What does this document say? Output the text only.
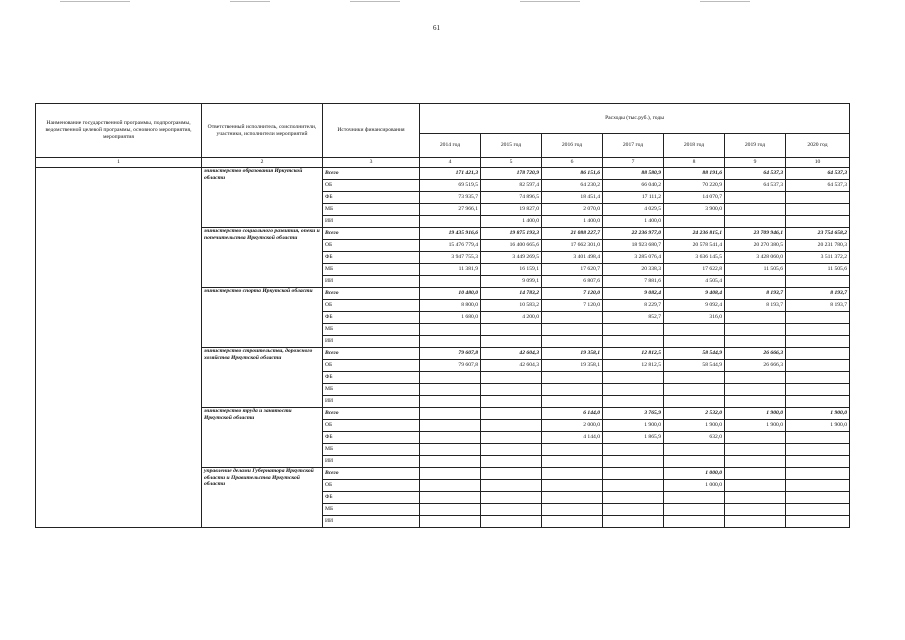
61
Наименование государственной программы, подпрограммы, ведомственной целевой программы, основного мероприятия, мероприятия	Ответственный исполнитель, соисполнители, участники, исполнители мероприятий	Источники финансирования	Расходы (тыс.руб.), годы						
			2014 год	2015 год	2016 год	2017 год	2018 год	2019 год	2020 год
1	2	3	4	5	6	7	8	9	10
	министерство образования Иркутской области	Всего	171 421,3	178 720,9	86 151,6	88 580,9	88 191,6	64 537,3	64 537,3
		ОБ	69 519,5	82 597,4	64 230,2	66 040,2	70 220,9	64 537,3	64 537,3
		ФБ	73 935,7	74 896,5	18 451,4	17 111,2	14 070,7		
		МБ	27 966,1	19 827,0	2 070,0	4 029,5	3 900,0		
		ИИ		1 400,0	1 400,0	1 400,0			
	министерство социального развития, опеки и попечительства Иркутской области	Всего	19 435 916,6	19 875 193,3	21 088 227,7	22 236 977,0	24 236 815,1	23 709 946,1	23 754 658,2
		ОБ	15 476 779,4	16 400 665,6	17 662 301,0	18 923 680,7	20 578 541,4	20 270 380,5	20 231 780,3
		ФБ	3 947 755,3	3 449 269,5	3 401 498,4	3 285 076,4	3 636 145,5	3 428 060,0	3 511 372,2
		МБ	11 381,9	16 159,1	17 620,7	20 338,3	17 622,8	11 505,6	11 505,6
		ИИ		9 099,1	6 807,6	7 881,6	4 505,4		
	министерство спорта Иркутской области	Всего	10 480,0	14 783,2	7 120,0	9 082,4	9 408,4	8 193,7	8 193,7
		ОБ	8 800,0	10 583,2	7 120,0	8 229,7	9 092,4	8 193,7	8 193,7
		ФБ	1 680,0	4 200,0		852,7	316,0		
		МБ							
		ИИ							
	министерство строительства, дорожного хозяйства Иркутской области	Всего	79 607,8	42 604,3	19 358,1	12 812,5	58 544,9	26 666,3	
		ОБ	79 607,8	42 604,3	19 358,1	12 812,5	58 544,9	26 666,3	
		ФБ							
		МБ							
		ИИ							
	министерство труда и занятости Иркутской области	Всего			6 144,0	3 765,9	2 532,0	1 900,0	1 900,0
		ОБ			2 000,0	1 900,0	1 900,0	1 900,0	1 900,0
		ФБ			4 144,0	1 865,9	632,0		
		МБ							
		ИИ							
	управление делами Губернатора Иркутской области и Правительства Иркутской области	Всего					1 000,0		
		ОБ					1 000,0		
		ФБ							
		МБ							
		ИИ							
